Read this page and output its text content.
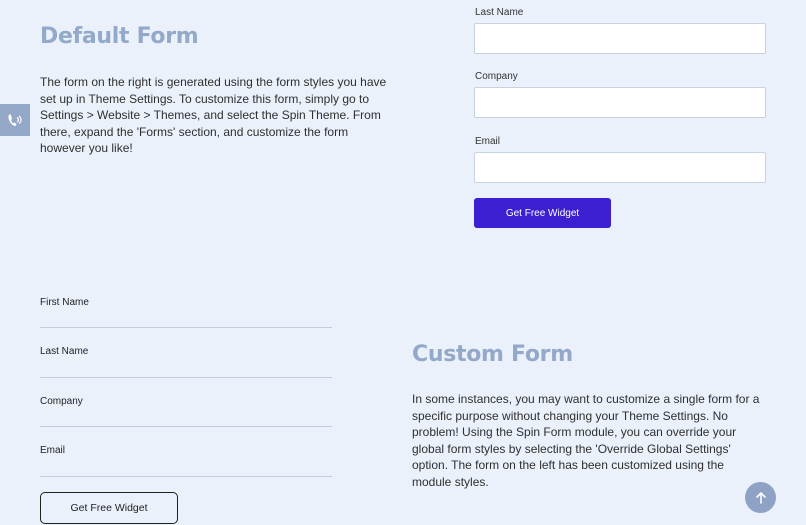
Default Form

The form on the right is generated using the form styles you have set up in Theme Settings. To customize this form, simply go to Settings > Website > Themes, and select the Spin Theme. From there, expand the 'Forms' section, and customize the form however you like!

Last Name
Company
Email
Get Free Widget
First Name
Last Name
Company
Email
Get Free Widget
Custom Form

In some instances, you may want to customize a single form for a specific purpose without changing your Theme Settings. No problem! Using the Spin Form module, you can override your global form styles by selecting the 'Override Global Settings' option. The form on the left has been customized using the module styles.
